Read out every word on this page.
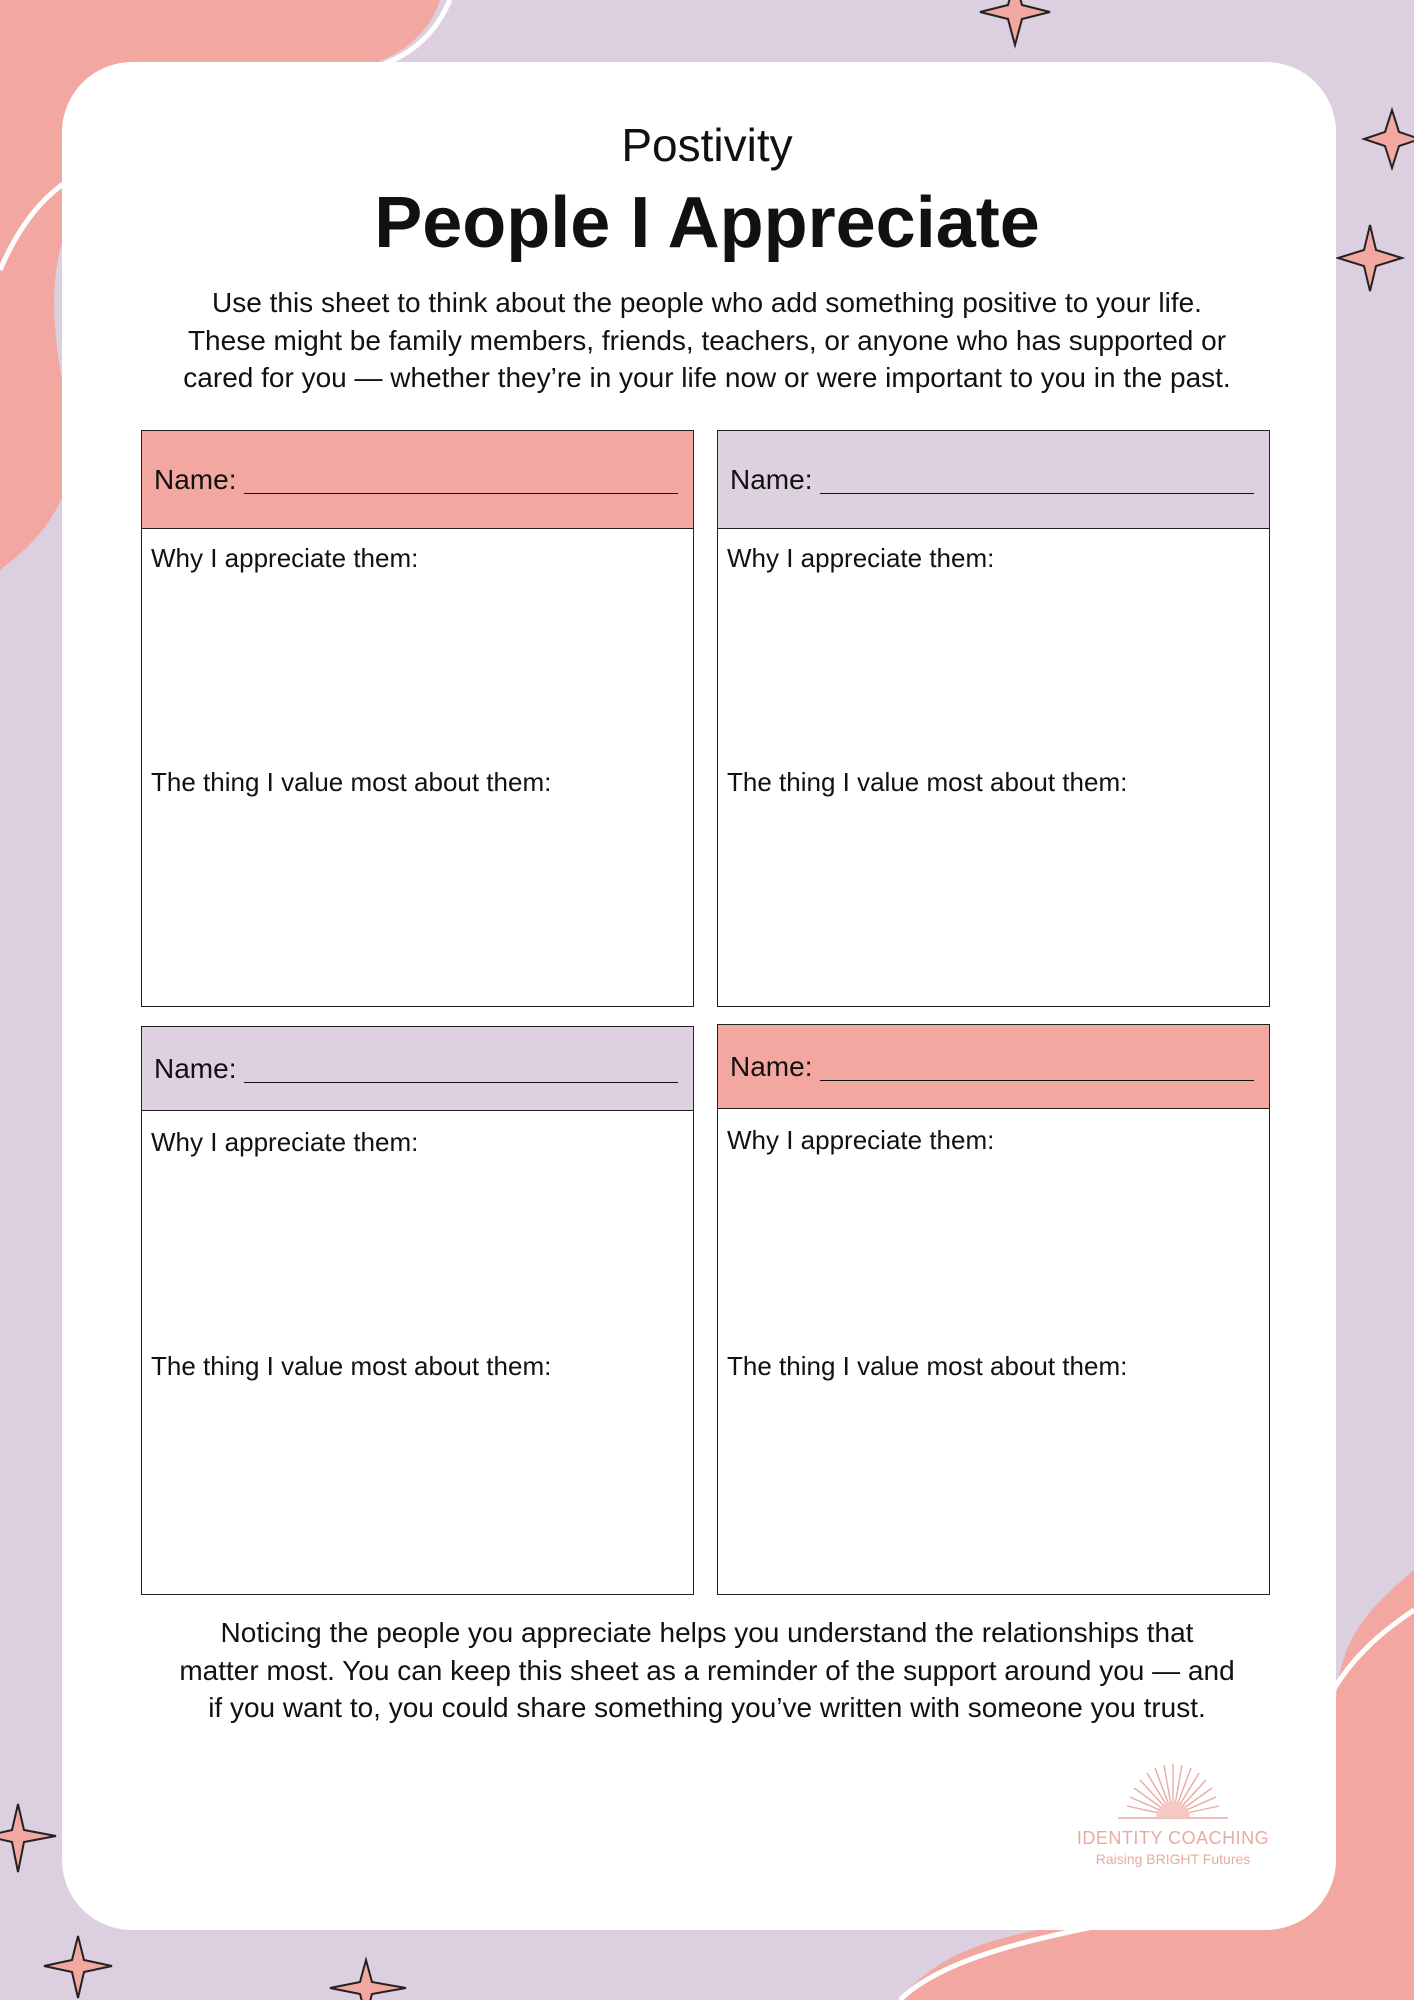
Postivity
People I Appreciate
Use this sheet to think about the people who add something positive to your life.
These might be family members, friends, teachers, or anyone who has supported or
cared for you — whether they’re in your life now or were important to you in the past.
Name:

Why I appreciate them:

The thing I value most about them:

Name:

Why I appreciate them:

The thing I value most about them:

Name:

Why I appreciate them:

The thing I value most about them:

Name:

Why I appreciate them:

The thing I value most about them:

Noticing the people you appreciate helps you understand the relationships that
matter most. You can keep this sheet as a reminder of the support around you — and
if you want to, you could share something you’ve written with someone you trust.
IDENTITY COACHING
Raising BRIGHT Futures
